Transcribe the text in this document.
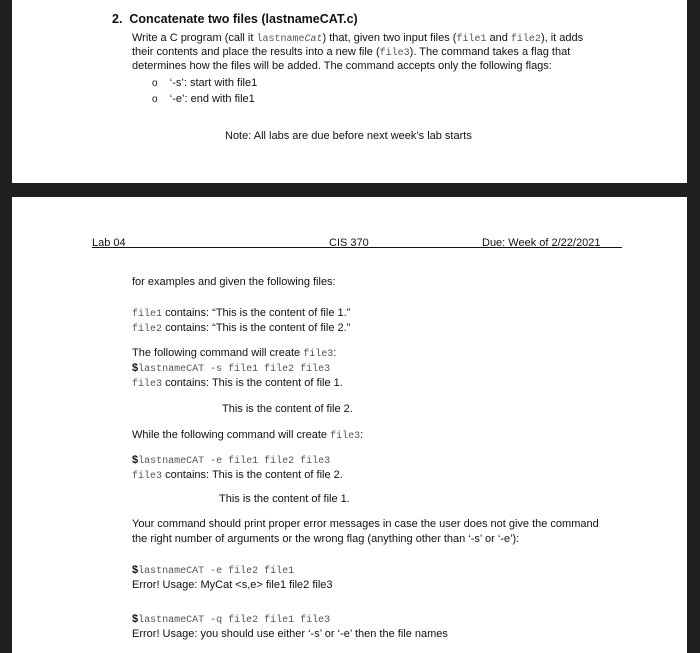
2. Concatenate two files (lastnameCAT.c)
Write a C program (call it lastnameCat) that, given two input files (file1 and file2), it adds
their contents and place the results into a new file (file3). The command takes a flag that
determines how the files will be added. The command accepts only the following flags:
o ‘-s’: start with file1
o ‘-e’: end with file1
Note: All labs are due before next week’s lab starts
Lab 04	CIS 370	Due: Week of 2/22/2021
for examples and given the following files:
file1 contains: “This is the content of file 1.”
file2 contains: “This is the content of file 2.”
The following command will create file3:
$lastnameCAT -s file1 file2 file3
file3 contains: This is the content of file 1.
This is the content of file 2.
While the following command will create file3:
$lastnameCAT -e file1 file2 file3
file3 contains: This is the content of file 2.
This is the content of file 1.
Your command should print proper error messages in case the user does not give the command
the right number of arguments or the wrong flag (anything other than ‘-s’ or ‘-e’):
$lastnameCAT -e file2 file1
Error! Usage: MyCat <s,e> file1 file2 file3
$lastnameCAT -q file2 file1 file3
Error! Usage: you should use either ‘-s’ or ‘-e’ then the file names
